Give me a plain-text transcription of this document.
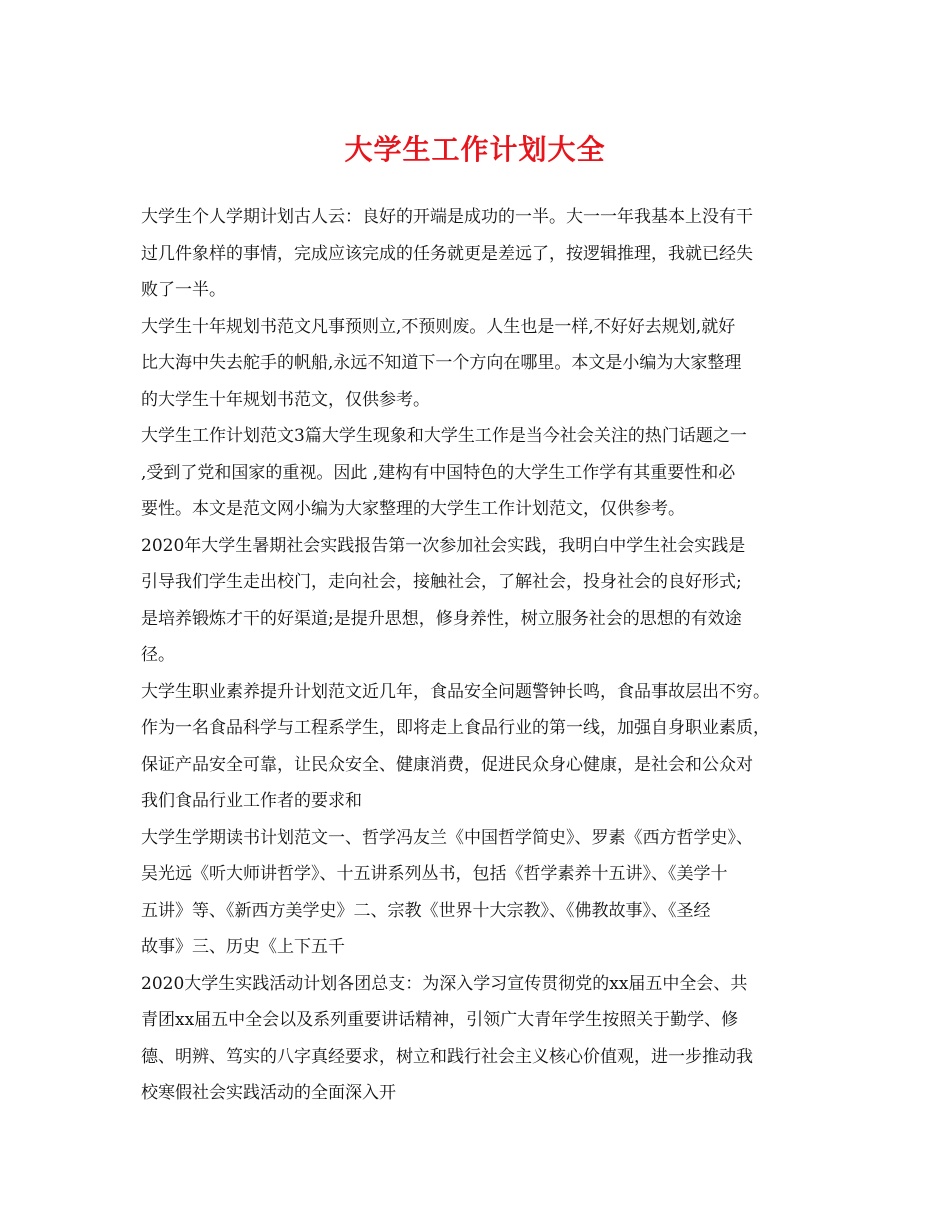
大学生工作计划大全
大学生个人学期计划古人云：良好的开端是成功的一半。大一一年我基本上没有干
过几件象样的事情，完成应该完成的任务就更是差远了，按逻辑推理，我就已经失
败了一半。
大学生十年规划书范文凡事预则立,不预则废。人生也是一样,不好好去规划,就好
比大海中失去舵手的帆船,永远不知道下一个方向在哪里。本文是小编为大家整理
的大学生十年规划书范文，仅供参考。
大学生工作计划范文3篇大学生现象和大学生工作是当今社会关注的热门话题之一
,受到了党和国家的重视。因此 ,建构有中国特色的大学生工作学有其重要性和必
要性。本文是范文网小编为大家整理的大学生工作计划范文，仅供参考。
2020年大学生暑期社会实践报告第一次参加社会实践，我明白中学生社会实践是
引导我们学生走出校门，走向社会，接触社会，了解社会，投身社会的良好形式;
是培养锻炼才干的好渠道;是提升思想，修身养性，树立服务社会的思想的有效途
径。
大学生职业素养提升计划范文近几年，食品安全问题警钟长鸣，食品事故层出不穷。
作为一名食品科学与工程系学生，即将走上食品行业的第一线，加强自身职业素质，
保证产品安全可靠，让民众安全、健康消费，促进民众身心健康，是社会和公众对
我们食品行业工作者的要求和
大学生学期读书计划范文一、哲学冯友兰《中国哲学简史》、罗素《西方哲学史》、
吴光远《听大师讲哲学》、十五讲系列丛书，包括《哲学素养十五讲》、《美学十
五讲》等、《新西方美学史》二、宗教《世界十大宗教》、《佛教故事》、《圣经
故事》三、历史《上下五千
2020大学生实践活动计划各团总支：为深入学习宣传贯彻党的xx届五中全会、共
青团xx届五中全会以及系列重要讲话精神，引领广大青年学生按照关于勤学、修
德、明辨、笃实的八字真经要求，树立和践行社会主义核心价值观，进一步推动我
校寒假社会实践活动的全面深入开
